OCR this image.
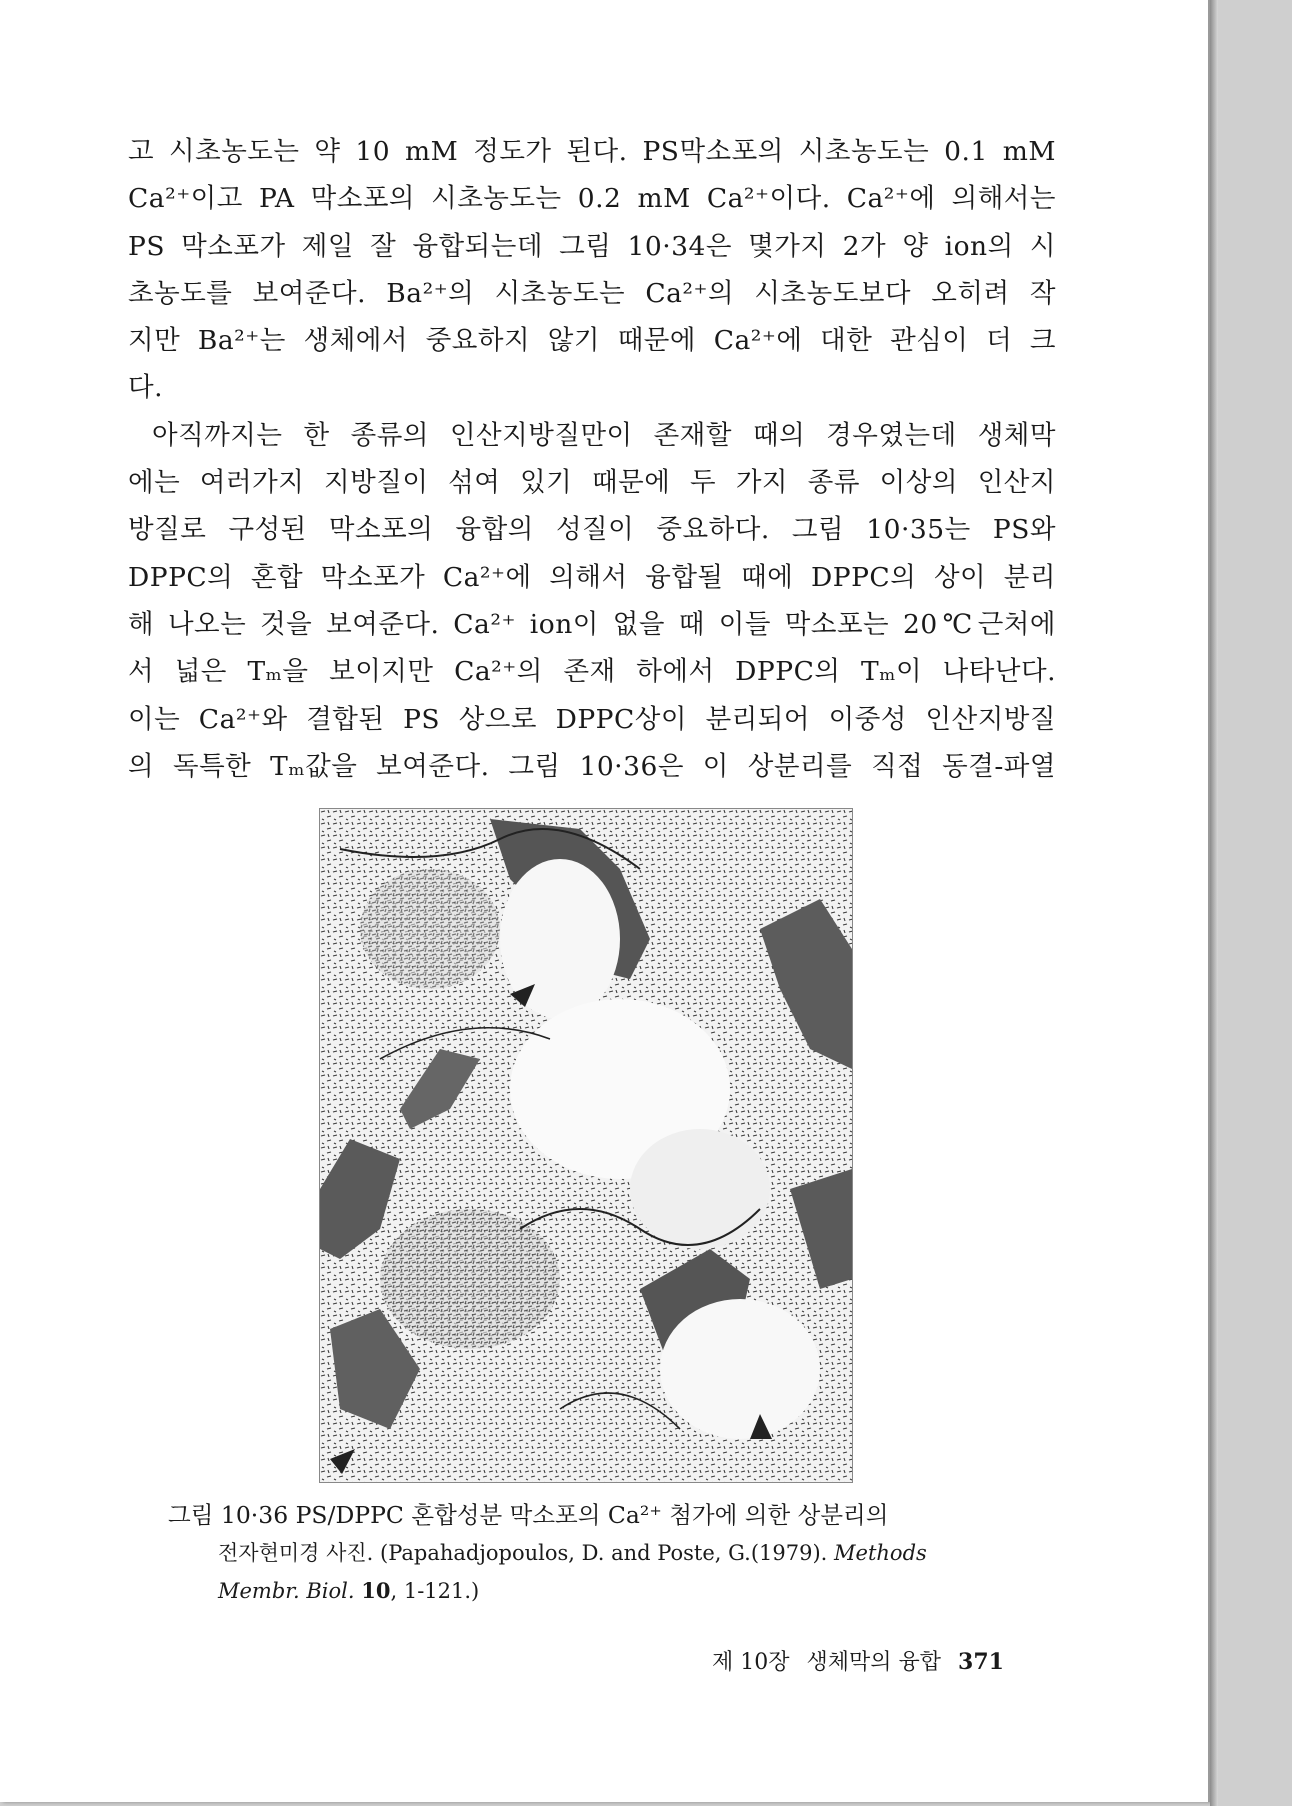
고 시초농도는 약 10 mM 정도가 된다. PS막소포의 시초농도는 0.1 mM
Ca²⁺이고 PA 막소포의 시초농도는 0.2 mM Ca²⁺이다. Ca²⁺에 의해서는
PS 막소포가 제일 잘 융합되는데 그림 10·34은 몇가지 2가 양 ion의 시
초농도를 보여준다. Ba²⁺의 시초농도는 Ca²⁺의 시초농도보다 오히려 작
지만 Ba²⁺는 생체에서 중요하지 않기 때문에 Ca²⁺에 대한 관심이 더 크
다.
아직까지는 한 종류의 인산지방질만이 존재할 때의 경우였는데 생체막
에는 여러가지 지방질이 섞여 있기 때문에 두 가지 종류 이상의 인산지
방질로 구성된 막소포의 융합의 성질이 중요하다. 그림 10·35는 PS와
DPPC의 혼합 막소포가 Ca²⁺에 의해서 융합될 때에 DPPC의 상이 분리
해 나오는 것을 보여준다. Ca²⁺ ion이 없을 때 이들 막소포는 20℃근처에
서 넓은 Tₘ을 보이지만 Ca²⁺의 존재 하에서 DPPC의 Tₘ이 나타난다.
이는 Ca²⁺와 결합된 PS 상으로 DPPC상이 분리되어 이중성 인산지방질
의 독특한 Tₘ값을 보여준다. 그림 10·36은 이 상분리를 직접 동결-파열
그림 10·36 PS/DPPC 혼합성분 막소포의 Ca²⁺ 첨가에 의한 상분리의
전자현미경 사진. (Papahadjopoulos, D. and Poste, G.(1979). Methods
Membr. Biol. 10, 1-121.)
제 10장 생체막의 융합 371
